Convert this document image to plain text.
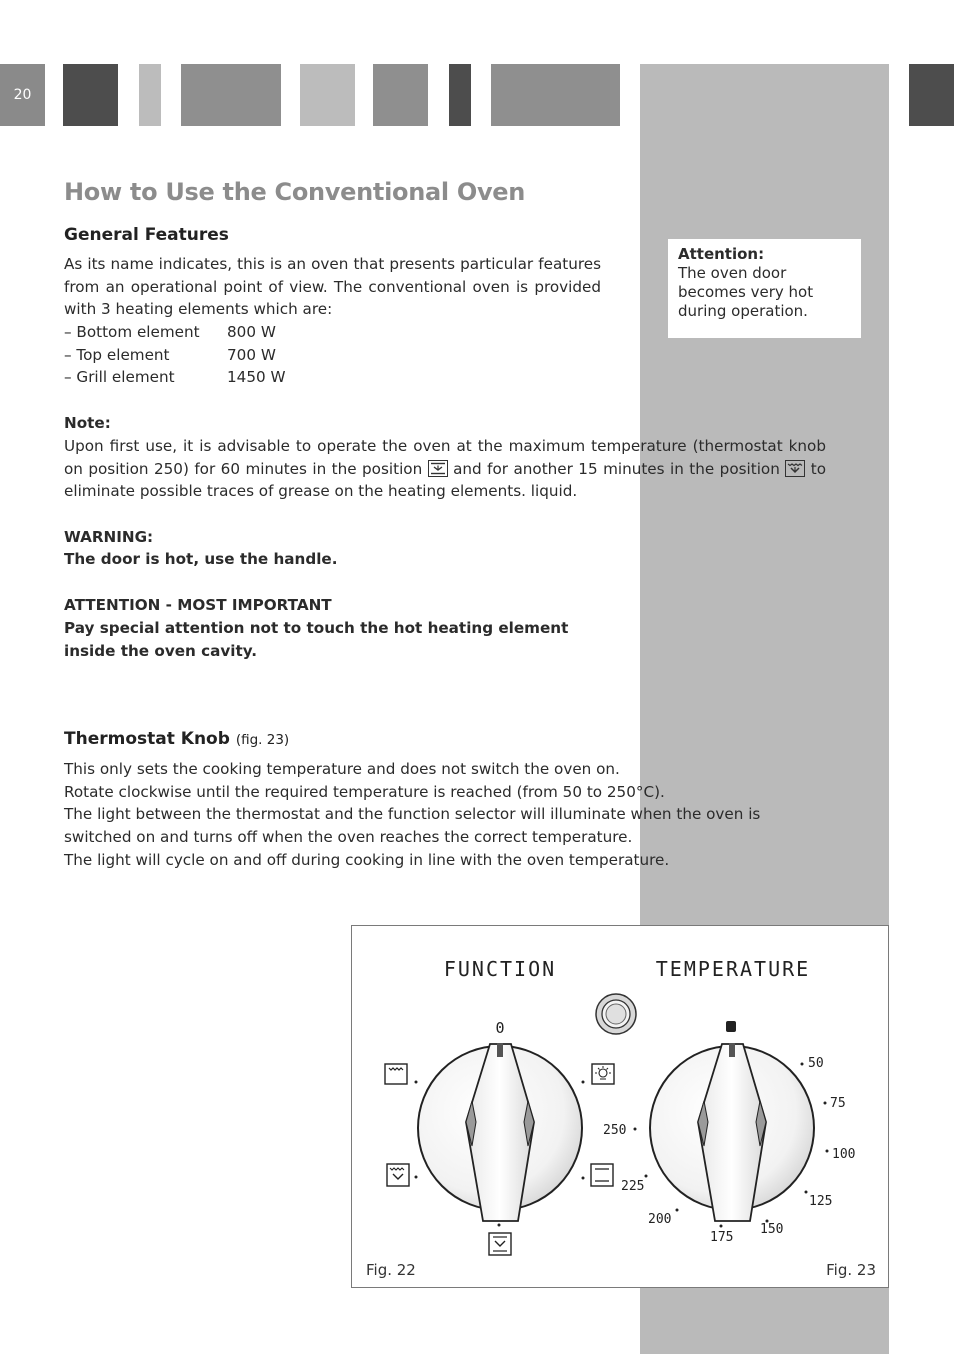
20
How to Use the Conventional Oven
General Features
As its name indicates, this is an oven that presents particular features from an operational point of view. The conventional oven is provided with 3 heating elements which are:
– Bottom element 800 W
– Top element	700 W
– Grill element	1450 W
Attention:
The oven door becomes very hot during operation.
Note:
Upon first use, it is advisable to operate the oven at the maximum temperature (thermostat knob on position 250) for 60 minutes in the position and for another 15 minutes in the position to eliminate possible traces of grease on the heating elements. liquid.
WARNING:
The door is hot, use the handle.
ATTENTION - MOST IMPORTANT
Pay special attention not to touch the hot heating element
inside the oven cavity.
Thermostat Knob (fig. 23)
This only sets the cooking temperature and does not switch the oven on.
Rotate clockwise until the required temperature is reached (from 50 to 250°C).
The light between the thermostat and the function selector will illuminate when the oven is switched on and turns off when the oven reaches the correct temperature.
The light will cycle on and off during cooking in line with the oven temperature.
FUNCTION	TEMPERATURE
0
50
75
100
125
150
175
200
225
250
Fig. 22	Fig. 23
